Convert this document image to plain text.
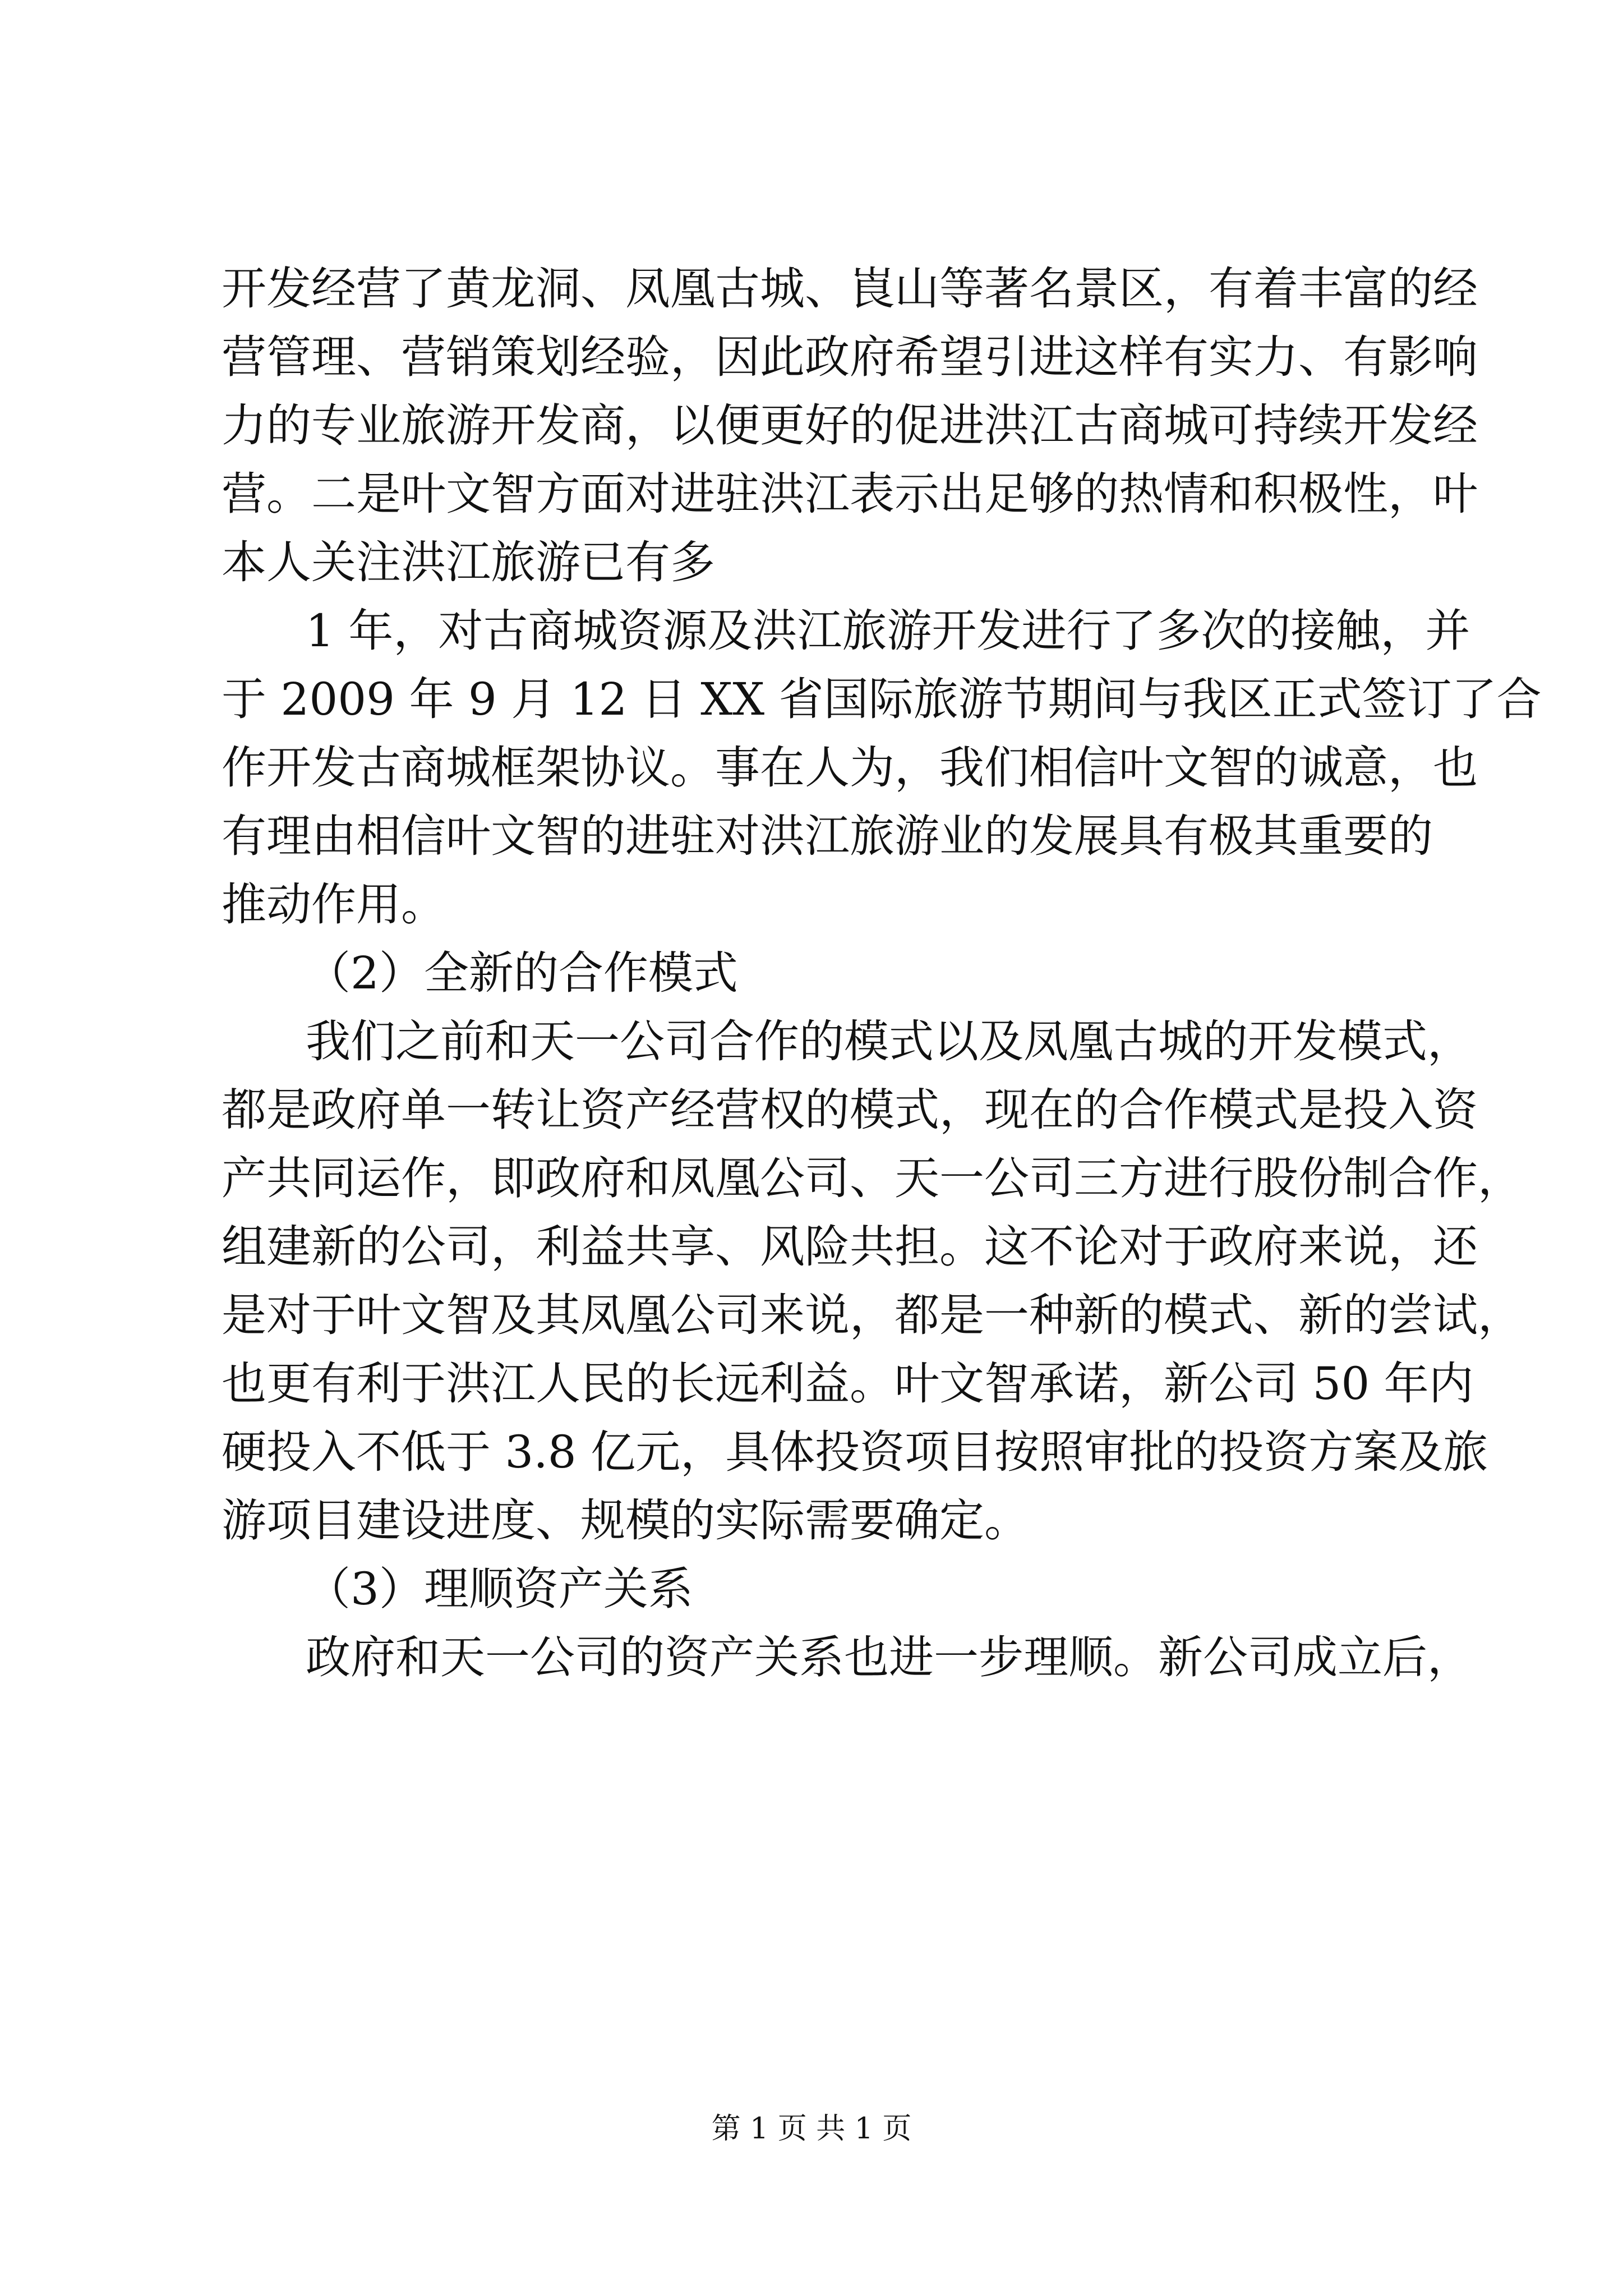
开发经营了黄龙洞、凤凰古城、崀山等著名景区，有着丰富的经
营管理、营销策划经验，因此政府希望引进这样有实力、有影响
力的专业旅游开发商，以便更好的促进洪江古商城可持续开发经
营。二是叶文智方面对进驻洪江表示出足够的热情和积极性，叶
本人关注洪江旅游已有多
1 年，对古商城资源及洪江旅游开发进行了多次的接触，并
于 2009 年 9 月 12 日 XX 省国际旅游节期间与我区正式签订了合
作开发古商城框架协议。事在人为，我们相信叶文智的诚意，也
有理由相信叶文智的进驻对洪江旅游业的发展具有极其重要的
推动作用。
（2）全新的合作模式
我们之前和天一公司合作的模式以及凤凰古城的开发模式，
都是政府单一转让资产经营权的模式，现在的合作模式是投入资
产共同运作，即政府和凤凰公司、天一公司三方进行股份制合作，
组建新的公司，利益共享、风险共担。这不论对于政府来说，还
是对于叶文智及其凤凰公司来说，都是一种新的模式、新的尝试，
也更有利于洪江人民的长远利益。叶文智承诺，新公司 50 年内
硬投入不低于 3.8 亿元，具体投资项目按照审批的投资方案及旅
游项目建设进度、规模的实际需要确定。
（3）理顺资产关系
政府和天一公司的资产关系也进一步理顺。新公司成立后，
第 1 页 共 1 页
